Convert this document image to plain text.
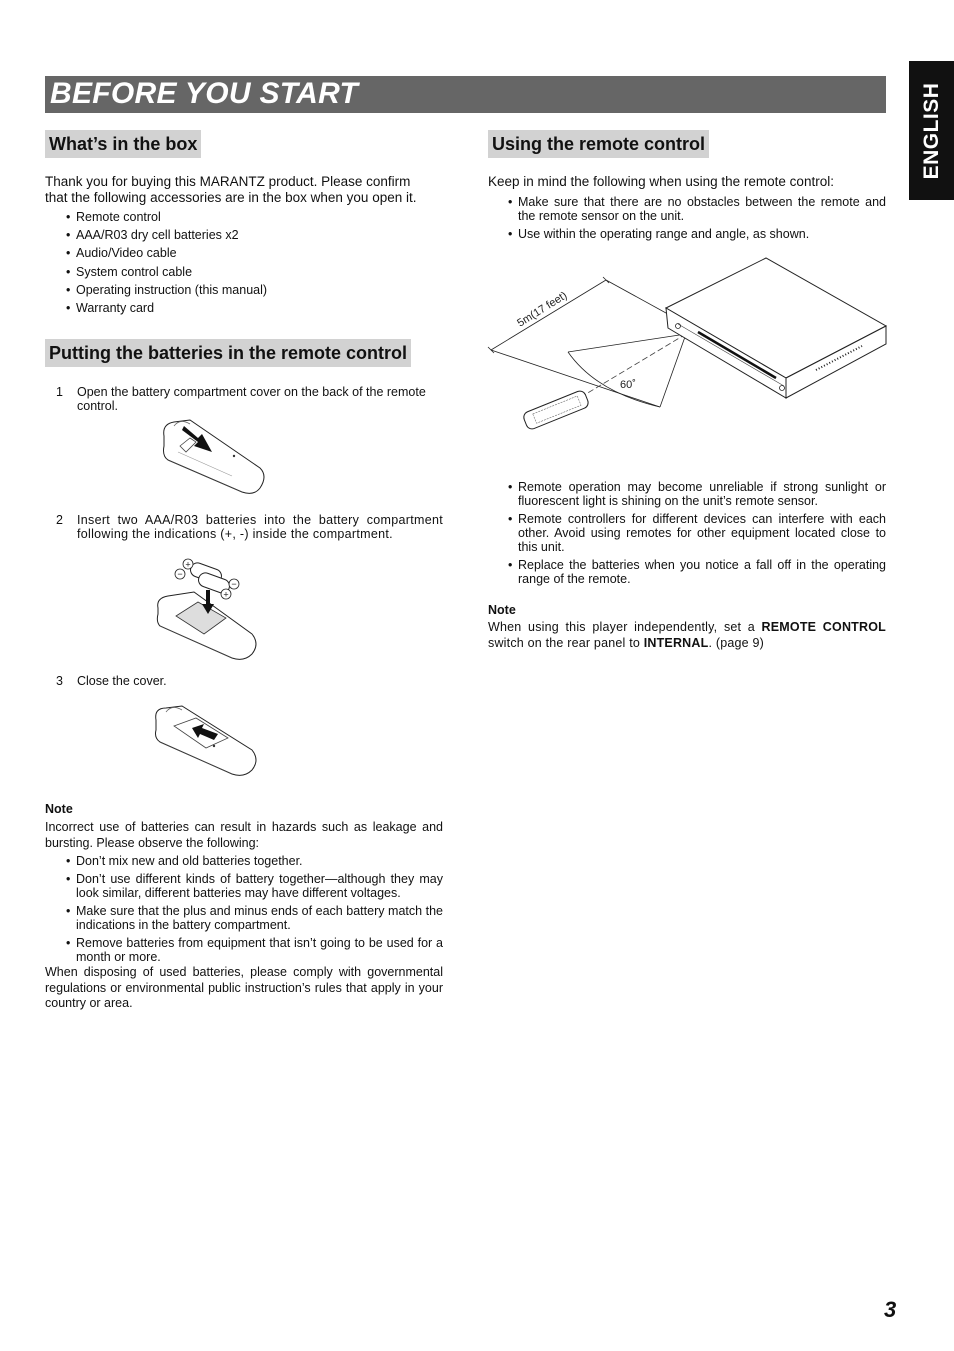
BEFORE YOU START	ENGLISH
What’s in the box
Thank you for buying this MARANTZ product. Please confirm
that the following accessories are in the box when you open it.
• Remote control
• AAA/R03 dry cell batteries x2
• Audio/Video cable
• System control cable
• Operating instruction (this manual)
• Warranty card
Putting the batteries in the remote control
1 Open the battery compartment cover on the back of the remote control.
2 Insert two AAA/R03 batteries into the battery compartment following the indications (+, -) inside the compartment.
+
−
−
+
3 Close the cover.
Note
Incorrect use of batteries can result in hazards such as leakage and bursting. Please observe the following:
• Don’t mix new and old batteries together.
• Don’t use different kinds of battery together—although they may look similar, different batteries may have different voltages.
• Make sure that the plus and minus ends of each battery match the indications in the battery compartment.
• Remove batteries from equipment that isn’t going to be used for a month or more.
When disposing of used batteries, please comply with governmental regulations or environmental public instruction’s rules that apply in your country or area.
Using the remote control
Keep in mind the following when using the remote control:
• Make sure that there are no obstacles between the remote and the remote sensor on the unit.
• Use within the operating range and angle, as shown.
5m(17 feet)
60˚
• Remote operation may become unreliable if strong sunlight or fluorescent light is shining on the unit’s remote sensor.
• Remote controllers for different devices can interfere with each other. Avoid using remotes for other equipment located close to this unit.
• Replace the batteries when you notice a fall off in the operating range of the remote.
Note
When using this player independently, set a REMOTE CONTROL switch on the rear panel to INTERNAL. (page 9)
3
